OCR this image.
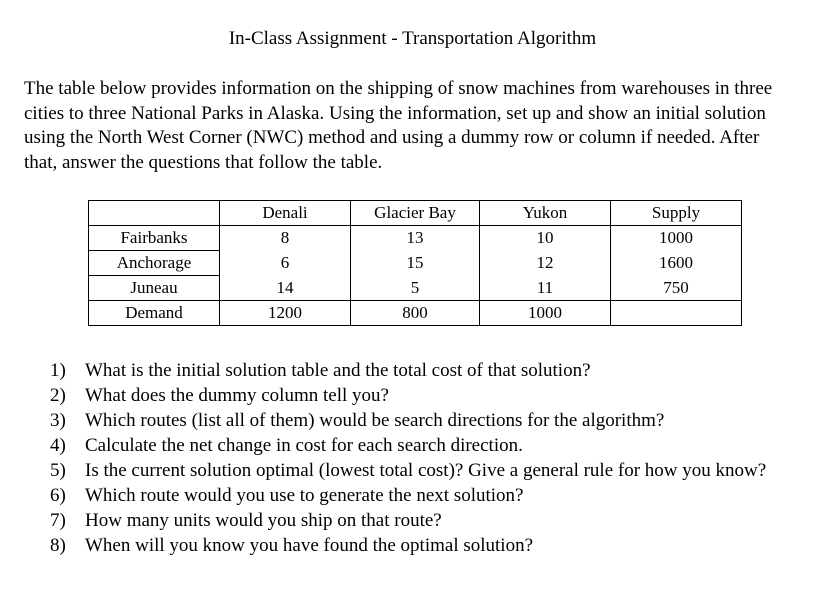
In-Class Assignment - Transportation Algorithm

The table below provides information on the shipping of snow machines from warehouses in three

cities to three National Parks in Alaska. Using the information, set up and show an initial solution

using the North West Corner (NWC) method and using a dummy row or column if needed. After

that, answer the questions that follow the table.

	Denali	Glacier Bay	Yukon	Supply
Fairbanks	8	13	10	1000
Anchorage	6	15	12	1600
Juneau	14	5	11	750
Demand	1200	800	1000	
1) What is the initial solution table and the total cost of that solution?
2) What does the dummy column tell you?
3) Which routes (list all of them) would be search directions for the algorithm?
4) Calculate the net change in cost for each search direction.
5) Is the current solution optimal (lowest total cost)? Give a general rule for how you know?
6) Which route would you use to generate the next solution?
7) How many units would you ship on that route?
8) When will you know you have found the optimal solution?
